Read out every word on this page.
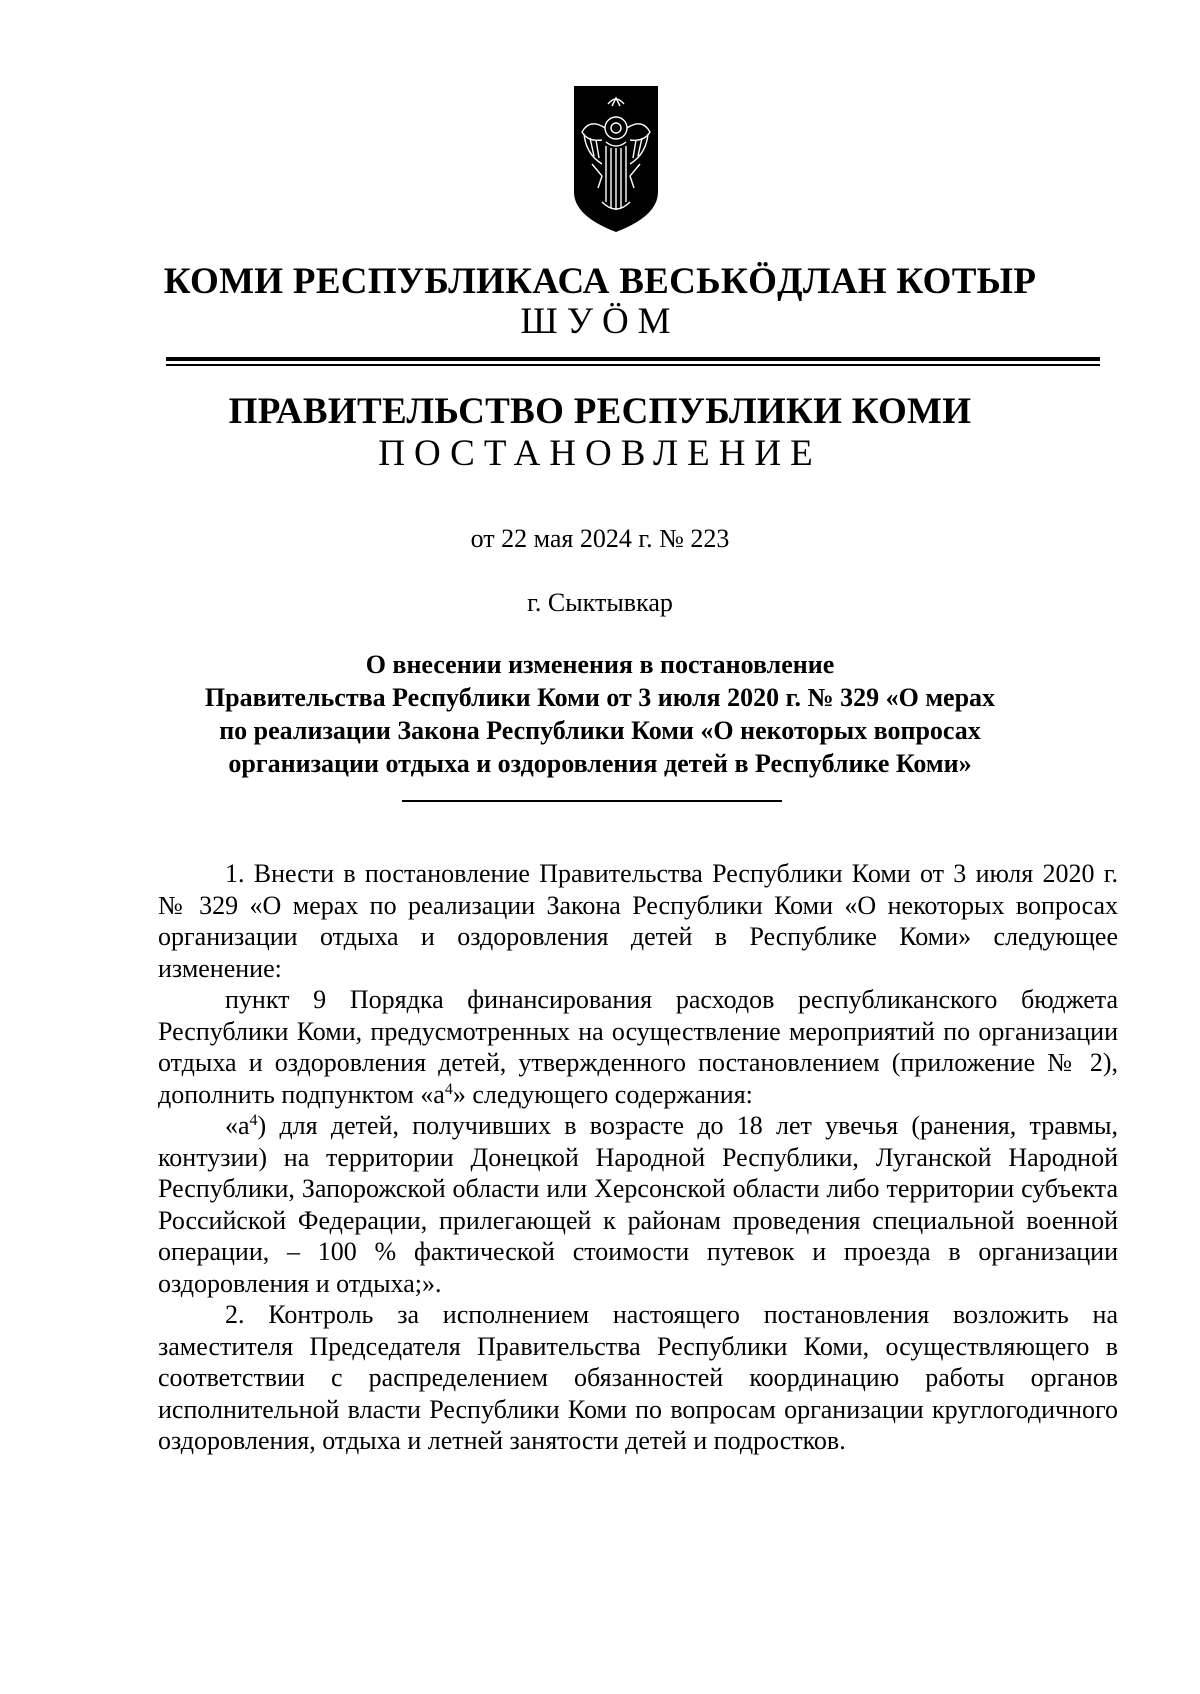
КОМИ РЕСПУБЛИКАСА ВЕСЬКӦДЛАН КОТЫР
ШУӦМ
ПРАВИТЕЛЬСТВО РЕСПУБЛИКИ КОМИ
ПОСТАНОВЛЕНИЕ
от 22 мая 2024 г. № 223
г. Сыктывкар
О внесении изменения в постановление
Правительства Республики Коми от 3 июля 2020 г. № 329 «О мерах
по реализации Закона Республики Коми «О некоторых вопросах
организации отдыха и оздоровления детей в Республике Коми»

1. Внести в постановление Правительства Республики Коми от 3 июля 2020 г. № 329 «О мерах по реализации Закона Республики Коми «О некоторых вопросах организации отдыха и оздоровления детей в Республике Коми» следующее изменение:

пункт 9 Порядка финансирования расходов республиканского бюджета Республики Коми, предусмотренных на осуществление мероприятий по организации отдыха и оздоровления детей, утвержденного постановлением (приложение № 2), дополнить подпунктом «$а^4$» следующего содержания:

«$а^4$) для детей, получивших в возрасте до 18 лет увечья (ранения, травмы, контузии) на территории Донецкой Народной Республики, Луганской Народной Республики, Запорожской области или Херсонской области либо территории субъекта Российской Федерации, прилегающей к районам проведения специальной военной операции, – 100 % фактической стоимости путевок и проезда в организации оздоровления и отдыха;».

2. Контроль за исполнением настоящего постановления возложить на заместителя Председателя Правительства Республики Коми, осуществляющего в соответствии с распределением обязанностей координацию работы органов исполнительной власти Республики Коми по вопросам организации круглогодичного оздоровления, отдыха и летней занятости детей и подростков.
